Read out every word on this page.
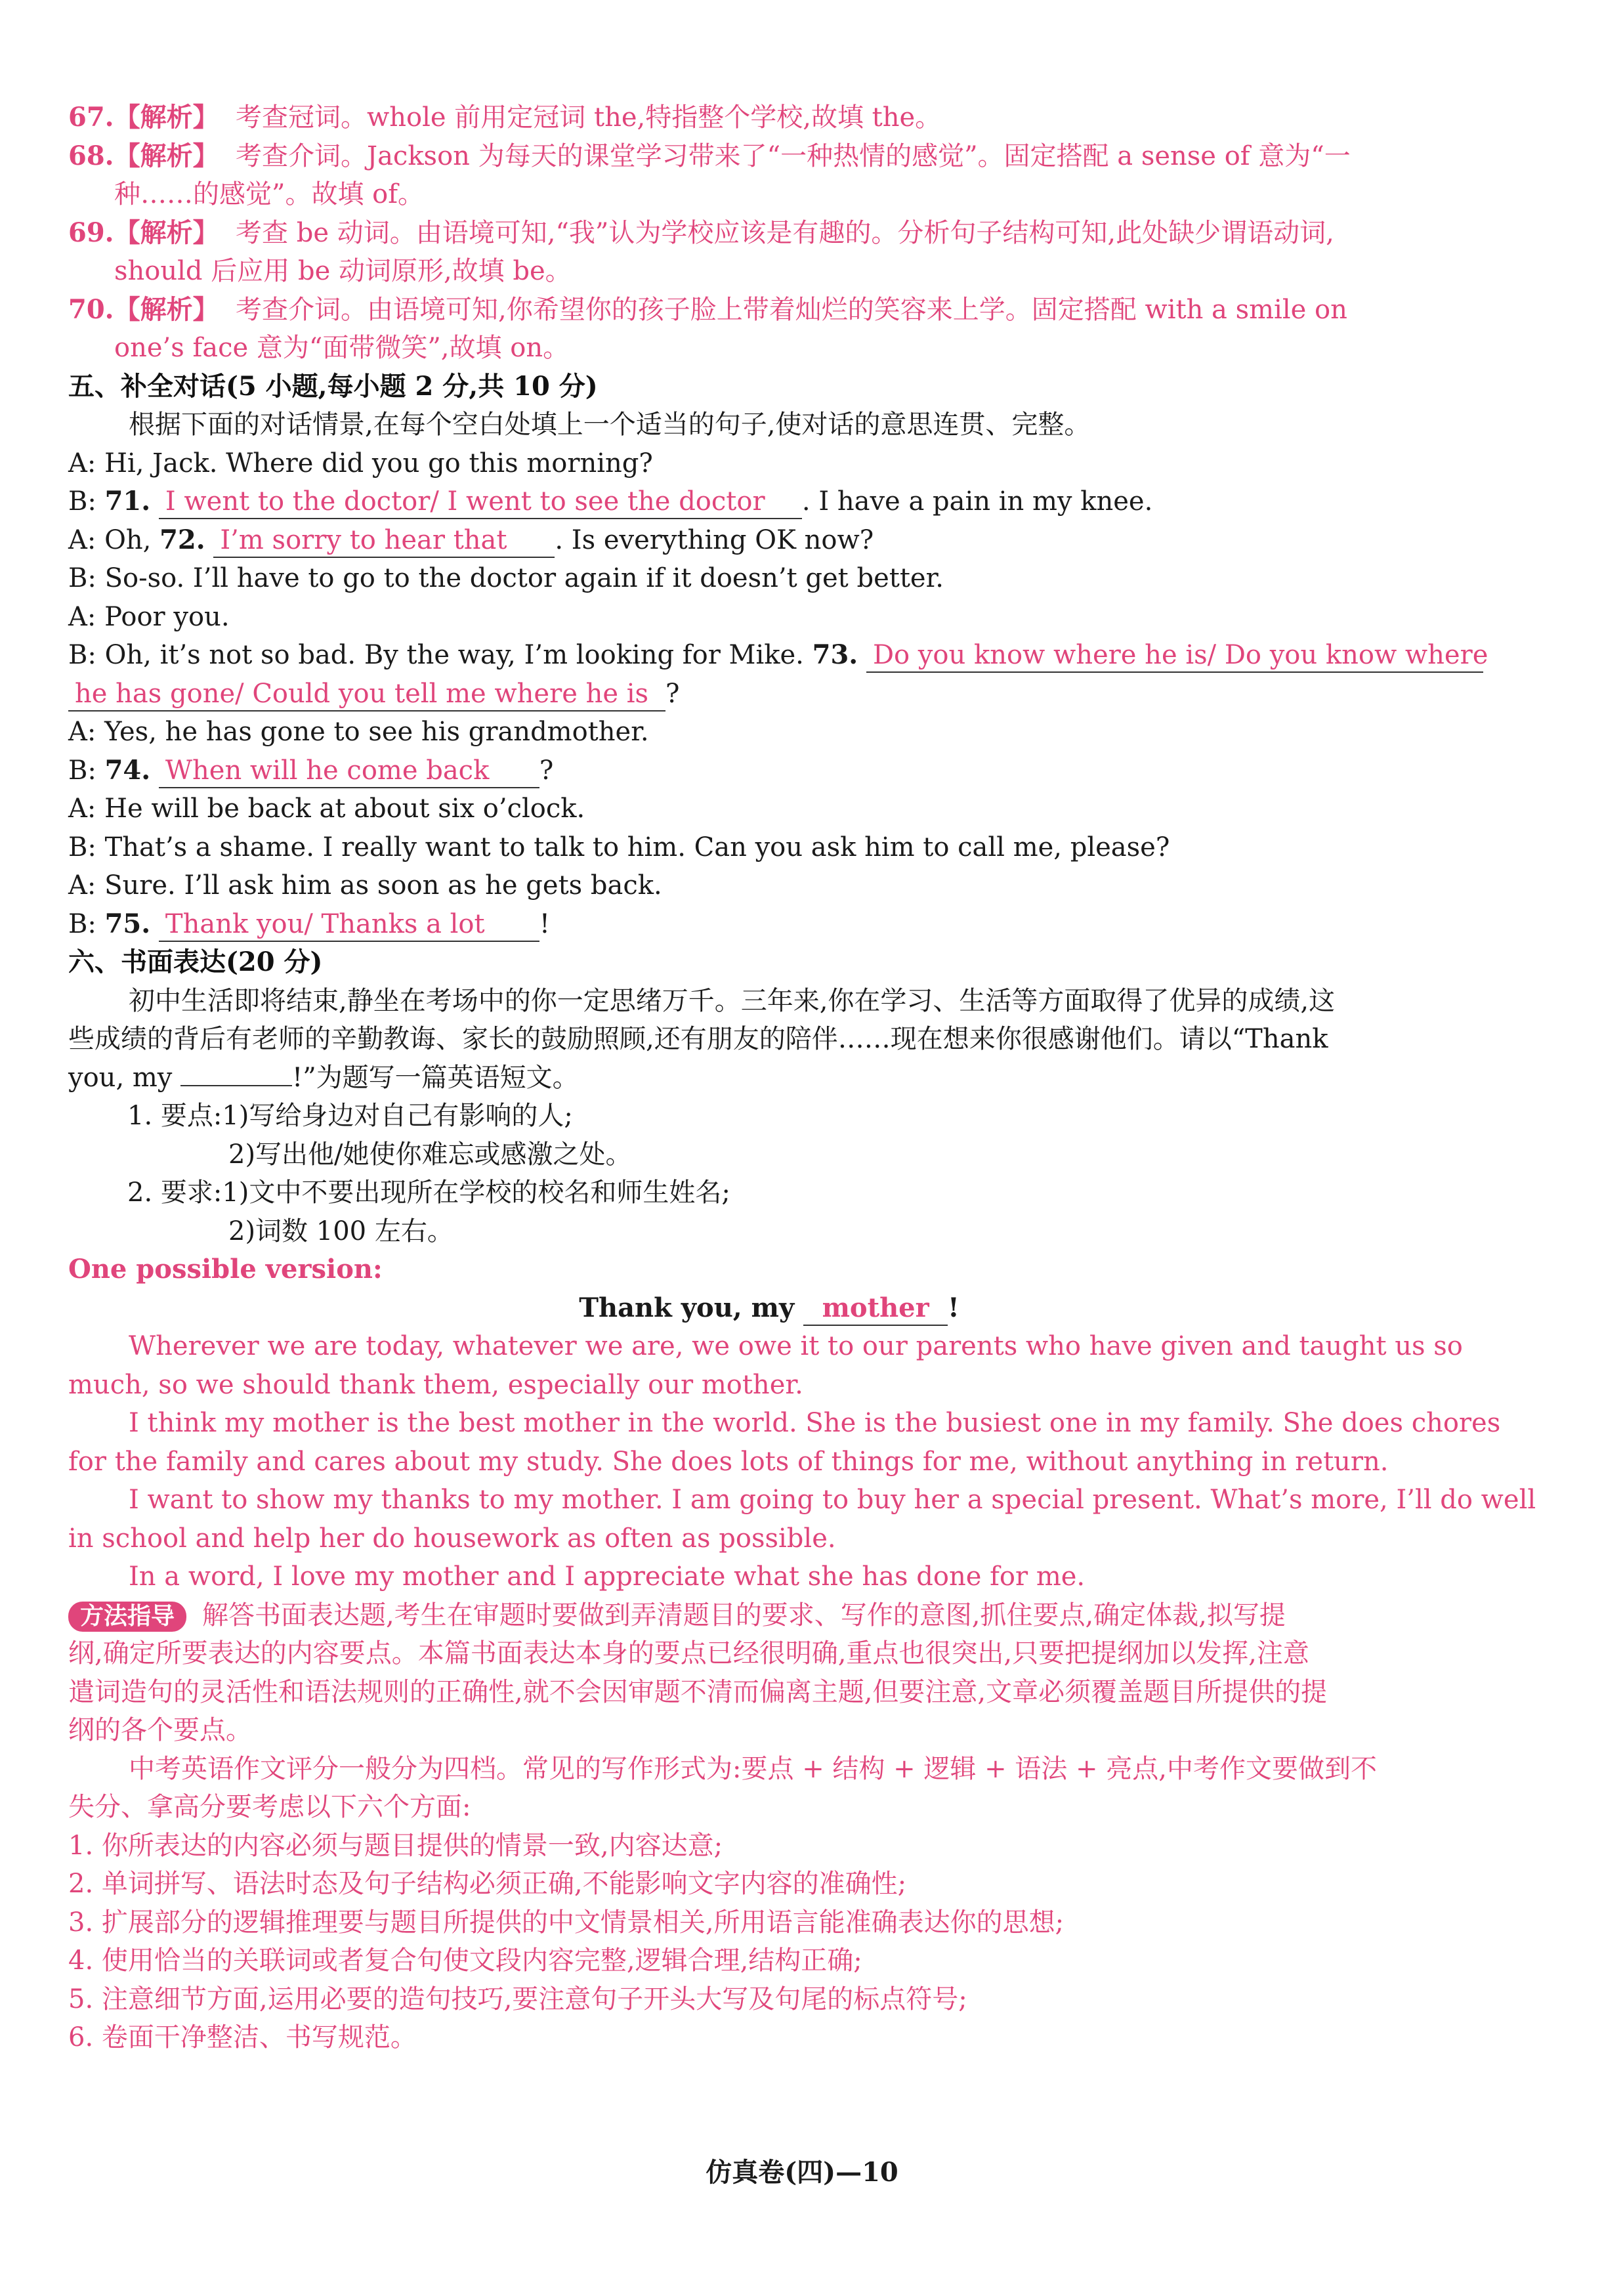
67.【解析】 考查冠词。whole 前用定冠词 the,特指整个学校,故填 the。
68.【解析】 考查介词。Jackson 为每天的课堂学习带来了“一种热情的感觉”。固定搭配 a sense of 意为“一
种……的感觉”。故填 of。
69.【解析】 考查 be 动词。由语境可知,“我”认为学校应该是有趣的。分析句子结构可知,此处缺少谓语动词,
should 后应用 be 动词原形,故填 be。
70.【解析】 考查介词。由语境可知,你希望你的孩子脸上带着灿烂的笑容来上学。固定搭配 with a smile on
one’s face 意为“面带微笑”,故填 on。
五、补全对话(5 小题,每小题 2 分,共 10 分)
根据下面的对话情景,在每个空白处填上一个适当的句子,使对话的意思连贯、完整。
A: Hi, Jack. Where did you go this morning?
B: 71. I went to the doctor/ I went to see the doctor . I have a pain in my knee.
A: Oh, 72. I’m sorry to hear that . Is everything OK now?
B: So-so. I’ll have to go to the doctor again if it doesn’t get better.
A: Poor you.
B: Oh, it’s not so bad. By the way, I’m looking for Mike. 73. Do you know where he is/ Do you know where
he has gone/ Could you tell me where he is ?
A: Yes, he has gone to see his grandmother.
B: 74. When will he come back ?
A: He will be back at about six o’clock.
B: That’s a shame. I really want to talk to him. Can you ask him to call me, please?
A: Sure. I’ll ask him as soon as he gets back.
B: 75. Thank you/ Thanks a lot !
六、书面表达(20 分)
初中生活即将结束,静坐在考场中的你一定思绪万千。三年来,你在学习、生活等方面取得了优异的成绩,这
些成绩的背后有老师的辛勤教诲、家长的鼓励照顾,还有朋友的陪伴……现在想来你很感谢他们。请以“Thank
you, my	!”为题写一篇英语短文。
1. 要点:1)写给身边对自己有影响的人;
2)写出他/她使你难忘或感激之处。
2. 要求:1)文中不要出现所在学校的校名和师生姓名;
2)词数 100 左右。
One possible version:
Thank you, my mother !
Wherever we are today, whatever we are, we owe it to our parents who have given and taught us so
much, so we should thank them, especially our mother.
I think my mother is the best mother in the world. She is the busiest one in my family. She does chores
for the family and cares about my study. She does lots of things for me, without anything in return.
I want to show my thanks to my mother. I am going to buy her a special present. What’s more, I’ll do well
in school and help her do housework as often as possible.
In a word, I love my mother and I appreciate what she has done for me.
方法指导 解答书面表达题,考生在审题时要做到弄清题目的要求、写作的意图,抓住要点,确定体裁,拟写提
纲,确定所要表达的内容要点。本篇书面表达本身的要点已经很明确,重点也很突出,只要把提纲加以发挥,注意
遣词造句的灵活性和语法规则的正确性,就不会因审题不清而偏离主题,但要注意,文章必须覆盖题目所提供的提
纲的各个要点。
中考英语作文评分一般分为四档。常见的写作形式为:要点 + 结构 + 逻辑 + 语法 + 亮点,中考作文要做到不
失分、拿高分要考虑以下六个方面:
1. 你所表达的内容必须与题目提供的情景一致,内容达意;
2. 单词拼写、语法时态及句子结构必须正确,不能影响文字内容的准确性;
3. 扩展部分的逻辑推理要与题目所提供的中文情景相关,所用语言能准确表达你的思想;
4. 使用恰当的关联词或者复合句使文段内容完整,逻辑合理,结构正确;
5. 注意细节方面,运用必要的造句技巧,要注意句子开头大写及句尾的标点符号;
6. 卷面干净整洁、书写规范。
仿真卷(四)—10
